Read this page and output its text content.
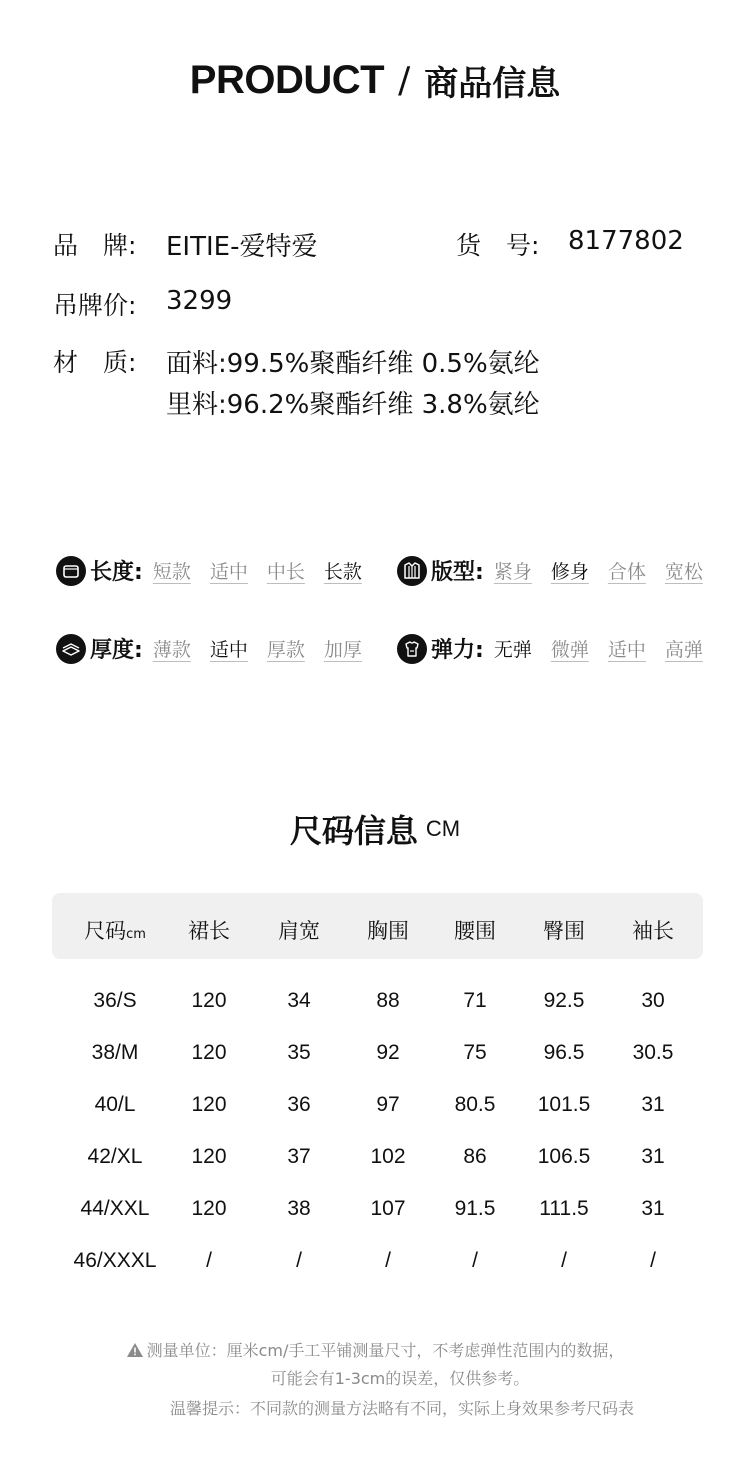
PRODUCT / 商品信息
品　牌: EITIE-爱特爱	货　号: 8177802
吊牌价: 3299
材　质: 面料:99.5%聚酯纤维 0.5%氨纶
里料:96.2%聚酯纤维 3.8%氨纶
长度: 短款 适中 中长 长款	版型: 紧身 修身 合体 宽松
厚度: 薄款 适中 厚款 加厚	弹力: 无弹 微弹 适中 高弹
尺码信息 CM
尺码cm 裙长 肩宽 胸围 腰围 臀围 袖长
36/S	120	34	88	71	92.5	30
38/M	120	35	92	75	96.5 30.5
40/L	120	36	97	80.5 101.5 31
42/XL 120	37	102	86 106.5 31
44/XXL 120	38	107 91.5 111.5	31
46/XXXL /	/	/	/	/	/
测量单位：厘米cm/手工平铺测量尺寸，不考虑弹性范围内的数据，
可能会有1-3cm的误差，仅供参考。
温馨提示：不同款的测量方法略有不同，实际上身效果参考尺码表
